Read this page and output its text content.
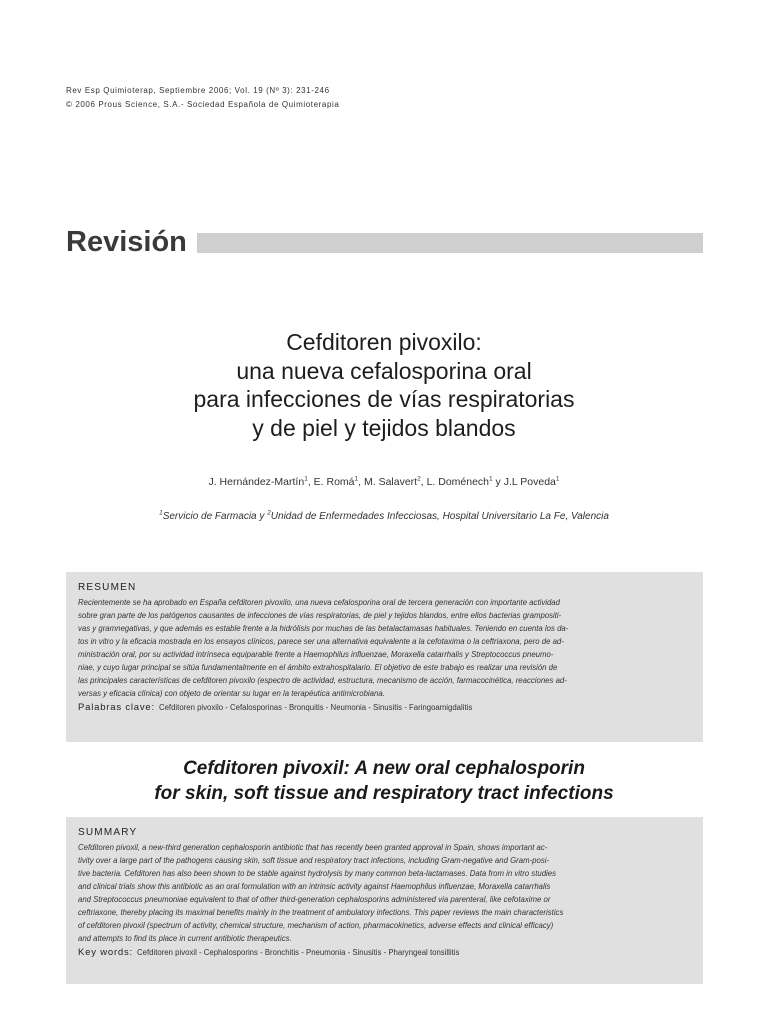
Rev Esp Quimioterap, Septiembre 2006; Vol. 19 (Nº 3): 231-246
© 2006 Prous Science, S.A.- Sociedad Española de Quimioterapia
Revisión
Cefditoren pivoxilo:
una nueva cefalosporina oral
para infecciones de vías respiratorias
y de piel y tejidos blandos
J. Hernández-Martín$^1$, E. Romá$^1$, M. Salavert$^2$, L. Doménech$^1$ y J.L Poveda$^1$
$^1$Servicio de Farmacia y $^2$Unidad de Enfermedades Infecciosas, Hospital Universitario La Fe, Valencia
RESUMEN
Recientemente se ha aprobado en España cefditoren pivoxilo, una nueva cefalosporina oral de tercera generación con importante actividad
sobre gran parte de los patógenos causantes de infecciones de vías respiratorias, de piel y tejidos blandos, entre ellos bacterias grampositi-
vas y gramnegativas, y que además es estable frente a la hidrólisis por muchas de las betalactamasas habituales. Teniendo en cuenta los da-
tos in vitro y la eficacia mostrada en los ensayos clínicos, parece ser una alternativa equivalente a la cefotaxima o la ceftriaxona, pero de ad-
ministración oral, por su actividad intrínseca equiparable frente a Haemophilus influenzae, Moraxella catarrhalis y Streptococcus pneumo-
niae, y cuyo lugar principal se sitúa fundamentalmente en el ámbito extrahospitalario. El objetivo de este trabajo es realizar una revisión de
las principales características de cefditoren pivoxilo (espectro de actividad, estructura, mecanismo de acción, farmacocinética, reacciones ad-
versas y eficacia clínica) con objeto de orientar su lugar en la terapéutica antimicrobiana.
Palabras clave: Cefditoren pivoxilo - Cefalosporinas - Bronquitis - Neumonia - Sinusitis - Faringoamigdalitis
Cefditoren pivoxil: A new oral cephalosporin
for skin, soft tissue and respiratory tract infections
SUMMARY
Cefditoren pivoxil, a new-third generation cephalosporin antibiotic that has recently been granted approval in Spain, shows important ac-
tivity over a large part of the pathogens causing skin, soft tissue and respiratory tract infections, including Gram-negative and Gram-posi-
tive bacteria. Cefditoren has also been shown to be stable against hydrolysis by many common beta-lactamases. Data from in vitro studies
and clinical trials show this antibiotic as an oral formulation with an intrinsic activity against Haemophilus influenzae, Moraxella catarrhalis
and Streptococcus pneumoniae equivalent to that of other third-generation cephalosporins administered via parenteral, like cefotaxime or
ceftriaxone, thereby placing its maximal benefits mainly in the treatment of ambulatory infections. This paper reviews the main characteristics
of cefditoren pivoxil (spectrum of activity, chemical structure, mechanism of action, pharmacokinetics, adverse effects and clinical efficacy)
and attempts to find its place in current antibiotic therapeutics.
Key words: Cefditoren pivoxil - Cephalosporins - Bronchitis - Pneumonia - Sinusitis - Pharyngeal tonsillitis
